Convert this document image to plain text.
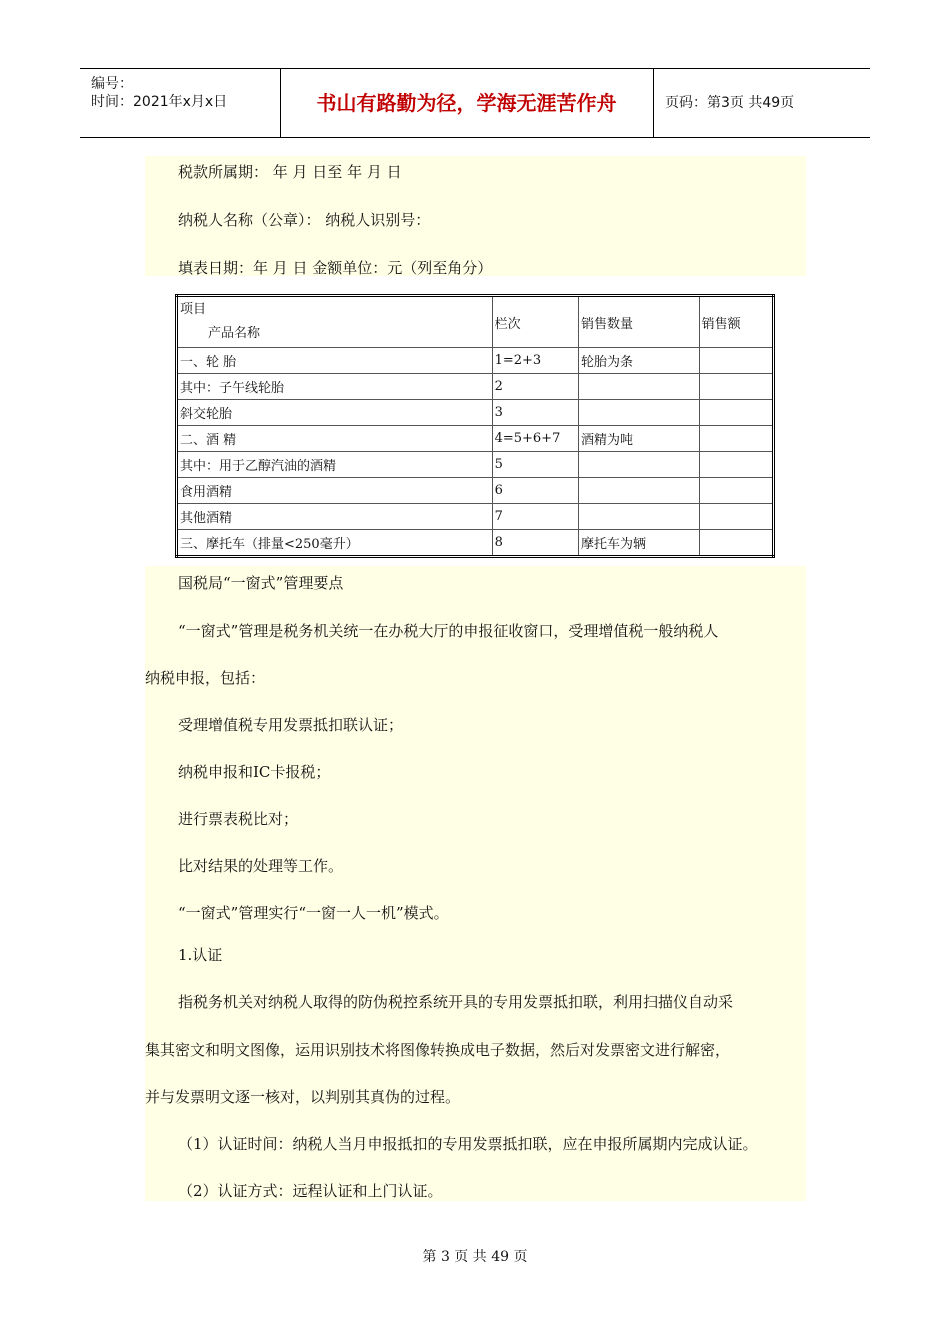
编号：
时间：2021年x月x日	书山有路勤为径，学海无涯苦作舟	页码：第3页 共49页
税款所属期： 年 月 日至 年 月 日
纳税人名称（公章）： 纳税人识别号：
填表日期：年 月 日 金额单位：元（列至角分）
项目
产品名称	栏次	销售数量	销售额
一、轮 胎	1=2+3	轮胎为条	
其中：子午线轮胎	2		
斜交轮胎	3		
二、酒 精	4=5+6+7	酒精为吨	
其中：用于乙醇汽油的酒精	5		
食用酒精	6		
其他酒精	7		
三、摩托车（排量<250毫升）	8	摩托车为辆	
国税局“一窗式”管理要点
“一窗式”管理是税务机关统一在办税大厅的申报征收窗口，受理增值税一般纳税人
纳税申报，包括：
受理增值税专用发票抵扣联认证；
纳税申报和IC卡报税；
进行票表税比对；
比对结果的处理等工作。
“一窗式”管理实行“一窗一人一机”模式。
1.认证
指税务机关对纳税人取得的防伪税控系统开具的专用发票抵扣联，利用扫描仪自动采
集其密文和明文图像，运用识别技术将图像转换成电子数据，然后对发票密文进行解密，
并与发票明文逐一核对，以判别其真伪的过程。
（1）认证时间：纳税人当月申报抵扣的专用发票抵扣联，应在申报所属期内完成认证。
（2）认证方式：远程认证和上门认证。
第 3 页 共 49 页
